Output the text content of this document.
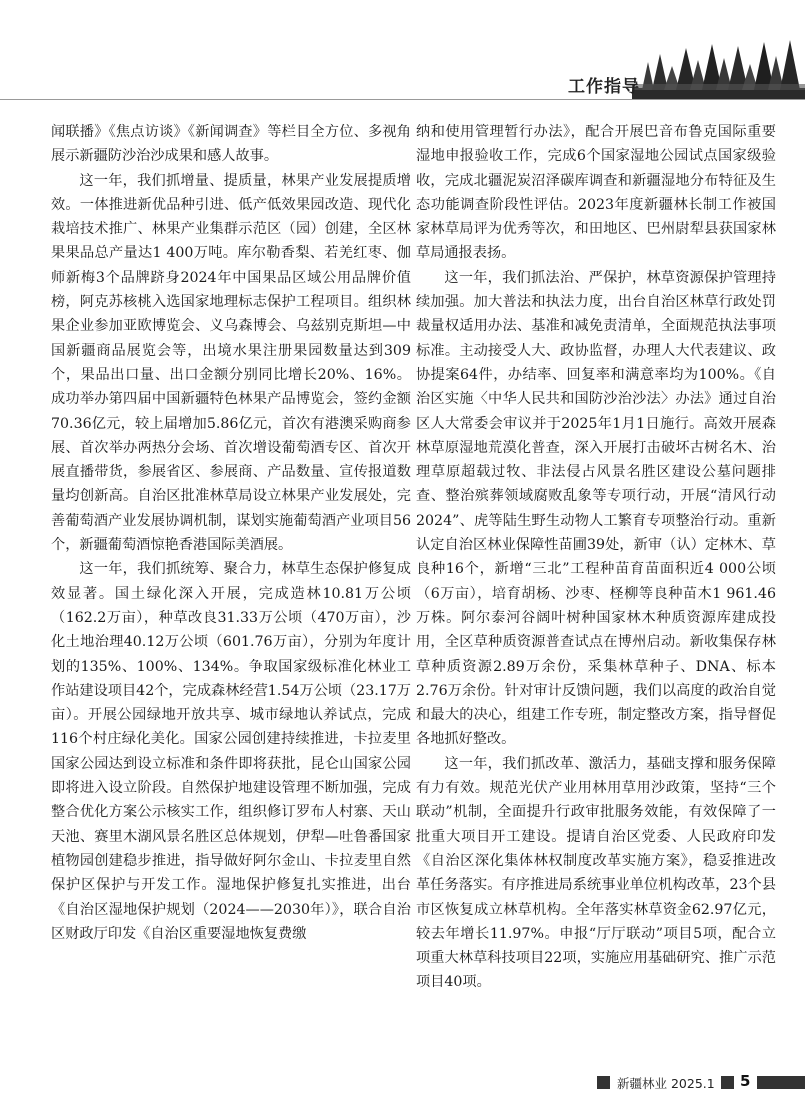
工作指导

闻联播》《焦点访谈》《新闻调查》等栏目全方位、多视角展示新疆防沙治沙成果和感人故事。

这一年，我们抓增量、提质量，林果产业发展提质增效。一体推进新优品种引进、低产低效果园改造、现代化栽培技术推广、林果产业集群示范区（园）创建，全区林果果品总产量达1 400万吨。库尔勒香梨、若羌红枣、伽师新梅3个品牌跻身2024年中国果品区域公用品牌价值榜，阿克苏核桃入选国家地理标志保护工程项目。组织林果企业参加亚欧博览会、义乌森博会、乌兹别克斯坦—中国新疆商品展览会等，出境水果注册果园数量达到309个，果品出口量、出口金额分别同比增长20%、16%。成功举办第四届中国新疆特色林果产品博览会，签约金额70.36亿元，较上届增加5.86亿元，首次有港澳采购商参展、首次举办两热分会场、首次增设葡萄酒专区、首次开展直播带货，参展省区、参展商、产品数量、宣传报道数量均创新高。自治区批准林草局设立林果产业发展处，完善葡萄酒产业发展协调机制，谋划实施葡萄酒产业项目56个，新疆葡萄酒惊艳香港国际美酒展。

这一年，我们抓统筹、聚合力，林草生态保护修复成效显著。国土绿化深入开展，完成造林10.81万公顷（162.2万亩），种草改良31.33万公顷（470万亩），沙化土地治理40.12万公顷（601.76万亩），分别为年度计划的135%、100%、134%。争取国家级标准化林业工作站建设项目42个，完成森林经营1.54万公顷（23.17万亩）。开展公园绿地开放共享、城市绿地认养试点，完成116个村庄绿化美化。国家公园创建持续推进，卡拉麦里国家公园达到设立标准和条件即将获批，昆仑山国家公园即将进入设立阶段。自然保护地建设管理不断加强，完成整合优化方案公示核实工作，组织修订罗布人村寨、天山天池、赛里木湖风景名胜区总体规划，伊犁—吐鲁番国家植物园创建稳步推进，指导做好阿尔金山、卡拉麦里自然保护区保护与开发工作。湿地保护修复扎实推进，出台《自治区湿地保护规划（2024——2030年）》，联合自治区财政厅印发《自治区重要湿地恢复费缴

纳和使用管理暂行办法》，配合开展巴音布鲁克国际重要湿地申报验收工作，完成6个国家湿地公园试点国家级验收，完成北疆泥炭沼泽碳库调查和新疆湿地分布特征及生态功能调查阶段性评估。2023年度新疆林长制工作被国家林草局评为优秀等次，和田地区、巴州尉犁县获国家林草局通报表扬。

这一年，我们抓法治、严保护，林草资源保护管理持续加强。加大普法和执法力度，出台自治区林草行政处罚裁量权适用办法、基准和减免责清单，全面规范执法事项标准。主动接受人大、政协监督，办理人大代表建议、政协提案64件，办结率、回复率和满意率均为100%。《自治区实施〈中华人民共和国防沙治沙法〉办法》通过自治区人大常委会审议并于2025年1月1日施行。高效开展森林草原湿地荒漠化普查，深入开展打击破坏古树名木、治理草原超载过牧、非法侵占风景名胜区建设公墓问题排查、整治殡葬领域腐败乱象等专项行动，开展“清风行动2024”、虎等陆生野生动物人工繁育专项整治行动。重新认定自治区林业保障性苗圃39处，新审（认）定林木、草良种16个，新增“三北”工程种苗育苗面积近4 000公顷（6万亩），培育胡杨、沙枣、柽柳等良种苗木1 961.46万株。阿尔泰河谷阔叶树种国家林木种质资源库建成投用，全区草种质资源普查试点在博州启动。新收集保存林草种质资源2.89万余份，采集林草种子、DNA、标本2.76万余份。针对审计反馈问题，我们以高度的政治自觉和最大的决心，组建工作专班，制定整改方案，指导督促各地抓好整改。

这一年，我们抓改革、激活力，基础支撑和服务保障有力有效。规范光伏产业用林用草用沙政策，坚持“三个联动”机制，全面提升行政审批服务效能，有效保障了一批重大项目开工建设。提请自治区党委、人民政府印发《自治区深化集体林权制度改革实施方案》，稳妥推进改革任务落实。有序推进局系统事业单位机构改革，23个县市区恢复成立林草机构。全年落实林草资金62.97亿元，较去年增长11.97%。申报“厅厅联动”项目5项，配合立项重大林草科技项目22项，实施应用基础研究、推广示范项目40项。

新疆林业 2025.1 5
